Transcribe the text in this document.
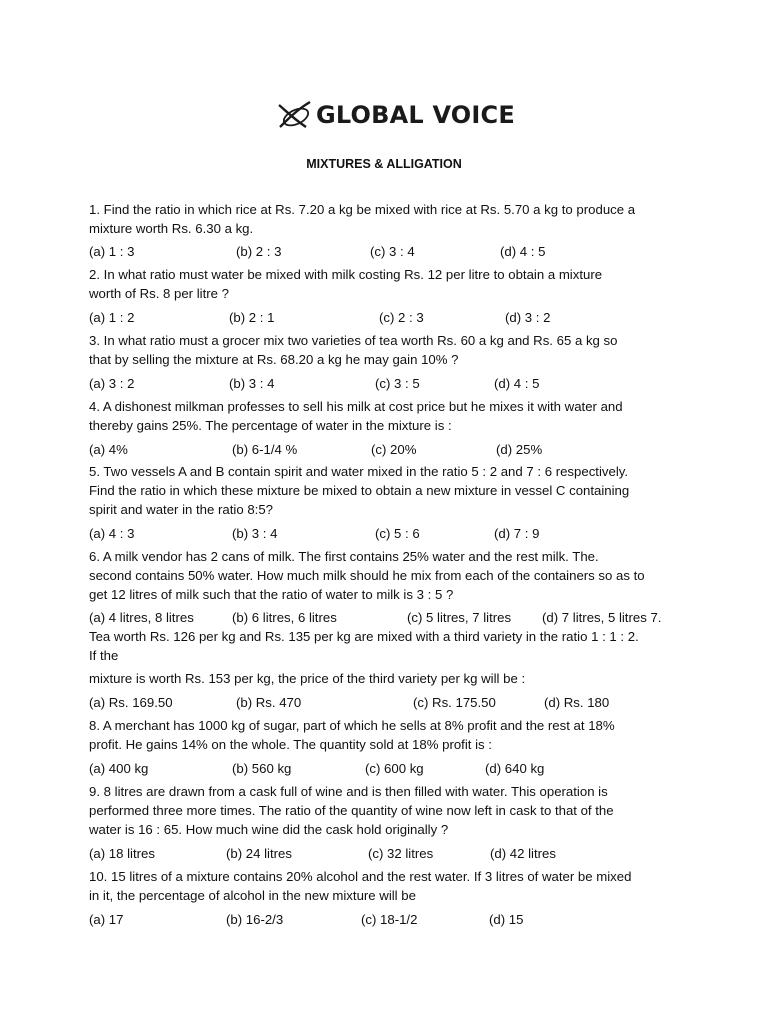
GLOBAL VOICE
MIXTURES & ALLIGATION
1. Find the ratio in which rice at Rs. 7.20 a kg be mixed with rice at Rs. 5.70 a kg to produce a
mixture worth Rs. 6.30 a kg.
(a) 1 : 3	(b) 2 : 3	(c) 3 : 4	(d) 4 : 5
2. In what ratio must water be mixed with milk costing Rs. 12 per litre to obtain a mixture
worth of Rs. 8 per litre ?
(a) 1 : 2	(b) 2 : 1	(c) 2 : 3	(d) 3 : 2
3. In what ratio must a grocer mix two varieties of tea worth Rs. 60 a kg and Rs. 65 a kg so
that by selling the mixture at Rs. 68.20 a kg he may gain 10% ?
(a) 3 : 2	(b) 3 : 4	(c) 3 : 5	(d) 4 : 5
4. A dishonest milkman professes to sell his milk at cost price but he mixes it with water and
thereby gains 25%. The percentage of water in the mixture is :
(a) 4%	(b) 6-1/4 %	(c) 20%	(d) 25%
5. Two vessels A and B contain spirit and water mixed in the ratio 5 : 2 and 7 : 6 respectively.
Find the ratio in which these mixture be mixed to obtain a new mixture in vessel C containing
spirit and water in the ratio 8:5?
(a) 4 : 3	(b) 3 : 4	(c) 5 : 6	(d) 7 : 9
6. A milk vendor has 2 cans of milk. The first contains 25% water and the rest milk. The.
second contains 50% water. How much milk should he mix from each of the containers so as to
get 12 litres of milk such that the ratio of water to milk is 3 : 5 ?
(a) 4 litres, 8 litres	(b) 6 litres, 6 litres	(c) 5 litres, 7 litres (d) 7 litres, 5 litres 7.
Tea worth Rs. 126 per kg and Rs. 135 per kg are mixed with a third variety in the ratio 1 : 1 : 2.
If the
mixture is worth Rs. 153 per kg, the price of the third variety per kg will be :
(a) Rs. 169.50	(b) Rs. 470	(c) Rs. 175.50	(d) Rs. 180
8. A merchant has 1000 kg of sugar, part of which he sells at 8% profit and the rest at 18%
profit. He gains 14% on the whole. The quantity sold at 18% profit is :
(a) 400 kg	(b) 560 kg	(c) 600 kg	(d) 640 kg
9. 8 litres are drawn from a cask full of wine and is then filled with water. This operation is
performed three more times. The ratio of the quantity of wine now left in cask to that of the
water is 16 : 65. How much wine did the cask hold originally ?
(a) 18 litres	(b) 24 litres	(c) 32 litres	(d) 42 litres
10. 15 litres of a mixture contains 20% alcohol and the rest water. If 3 litres of water be mixed
in it, the percentage of alcohol in the new mixture will be
(a) 17	(b) 16-2/3	(c) 18-1/2	(d) 15
